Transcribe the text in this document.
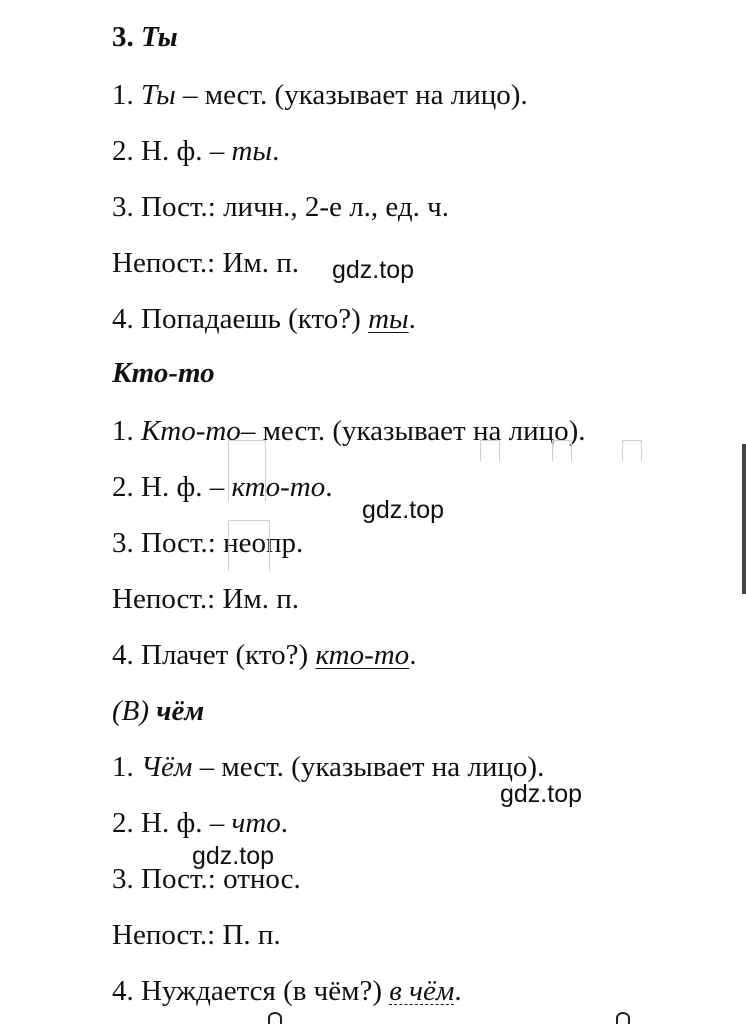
3. Ты
1. Ты – мест. (указывает на лицо).
2. Н. ф. – ты.
3. Пост.: личн., 2-е л., ед. ч.
Непост.: Им. п.
4. Попадаешь (кто?) ты.
Кто-то
1. Кто-то– мест. (указывает на лицо).
2. Н. ф. – кто-то.
3. Пост.: неопр.
Непост.: Им. п.
4. Плачет (кто?) кто-то.
(В) чём
1. Чём – мест. (указывает на лицо).
2. Н. ф. – что.
3. Пост.: относ.
Непост.: П. п.
4. Нуждается (в чём?) в чём.
gdz.top
gdz.top
gdz.top
gdz.top
